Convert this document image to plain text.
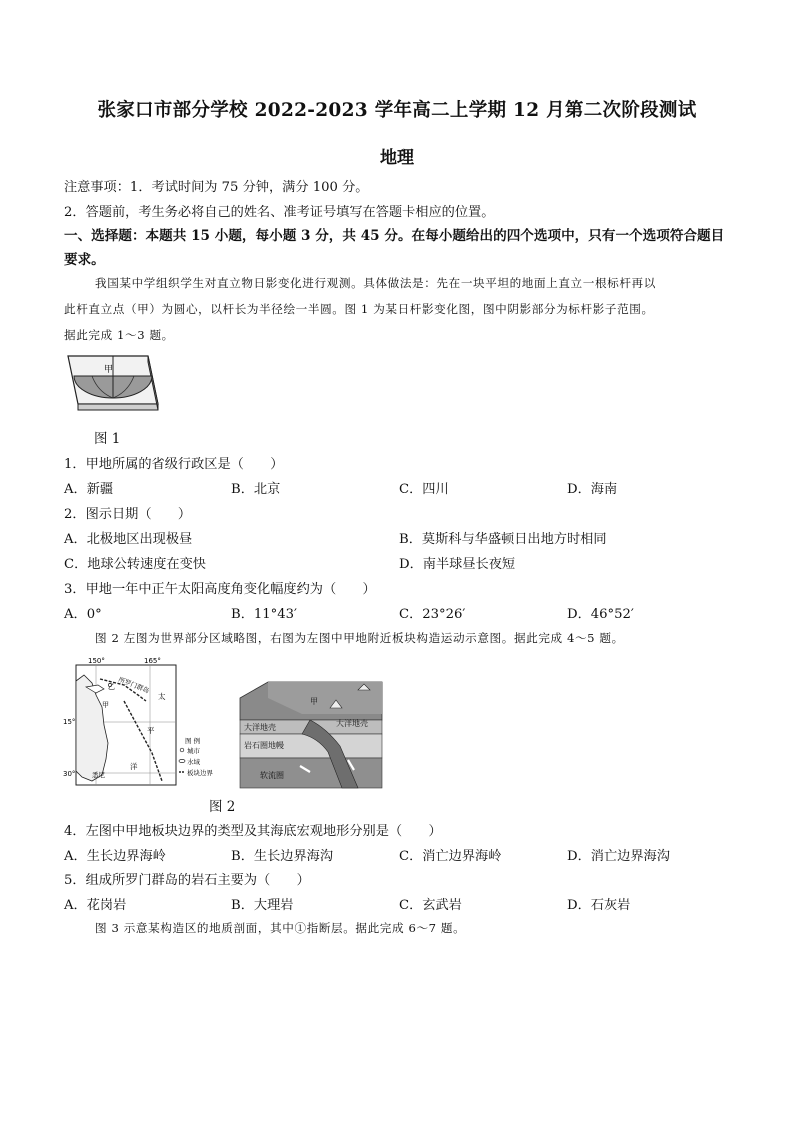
张家口市部分学校 2022-2023 学年高二上学期 12 月第二次阶段测试
地理
注意事项：1．考试时间为 75 分钟，满分 100 分。
2．答题前，考生务必将自己的姓名、准考证号填写在答题卡相应的位置。
一、选择题：本题共 15 小题，每小题 3 分，共 45 分。在每小题给出的四个选项中，只有一个选项符合题目
要求。
我国某中学组织学生对直立物日影变化进行观测。具体做法是：先在一块平坦的地面上直立一根标杆再以
此杆直立点（甲）为圆心，以杆长为半径绘一半圆。图 1 为某日杆影变化图，图中阴影部分为标杆影子范围。
据此完成 1～3 题。
甲
图 1
1．甲地所属的省级行政区是（　　）
A．新疆	B．北京	C．四川	D．海南
2．图示日期（　　）
A．北极地区出现极昼	B．莫斯科与华盛顿日出地方时相同
C．地球公转速度在变快	D．南半球昼长夜短
3．甲地一年中正午太阳高度角变化幅度约为（　　）
A．0°	B．11°43′	C．23°26′	D．46°52′
图 2 左图为世界部分区域略图，右图为左图中甲地附近板块构造运动示意图。据此完成 4～5 题。
150°	165°
15°
30°
所罗门群岛
甲
太
平
洋
悉尼
乙
图 例
城市
水域
板块边界
甲
大洋地壳	大洋地壳
岩石圈地幔
软流圈
图 2
4．左图中甲地板块边界的类型及其海底宏观地形分别是（　　）
A．生长边界海岭	B．生长边界海沟	C．消亡边界海岭	D．消亡边界海沟
5．组成所罗门群岛的岩石主要为（　　）
A．花岗岩	B．大理岩	C．玄武岩	D．石灰岩
图 3 示意某构造区的地质剖面，其中①指断层。据此完成 6～7 题。
